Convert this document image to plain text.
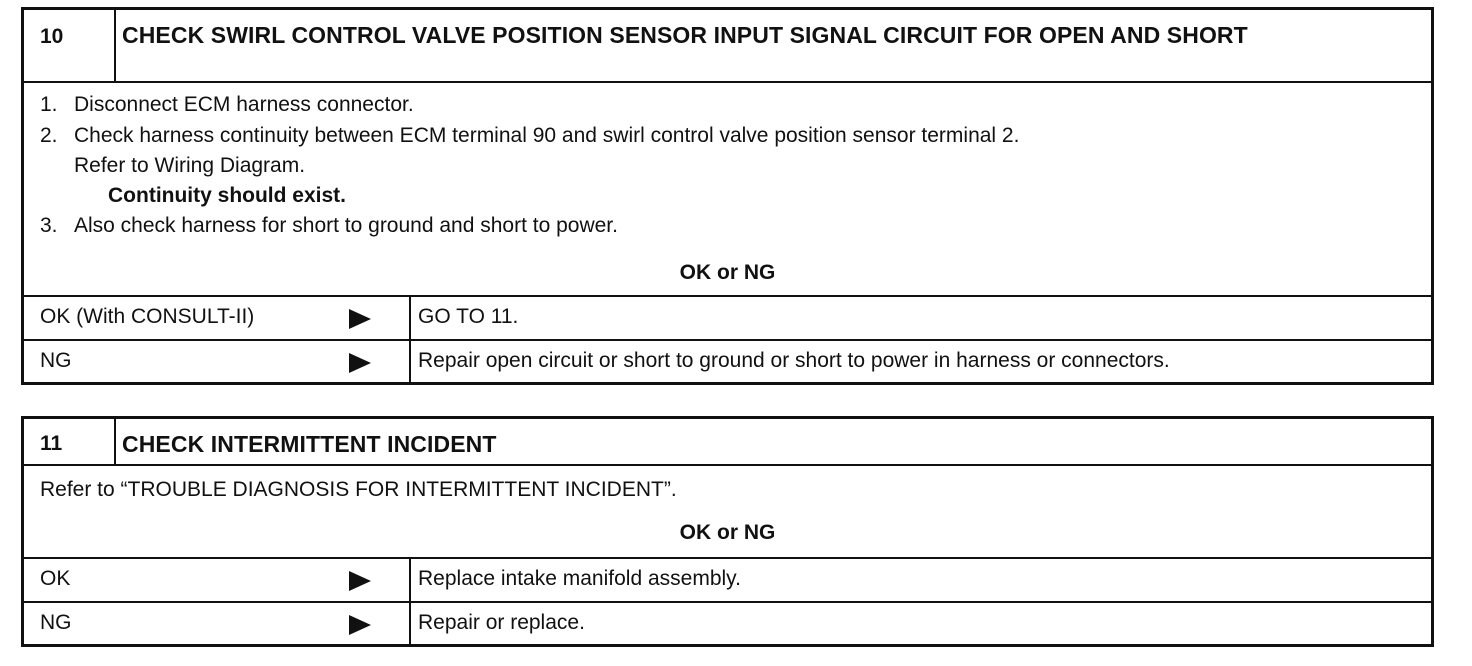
10	CHECK SWIRL CONTROL VALVE POSITION SENSOR INPUT SIGNAL CIRCUIT FOR OPEN AND SHORT
1. Disconnect ECM harness connector.
2. Check harness continuity between ECM terminal 90 and swirl control valve position sensor terminal 2.
Refer to Wiring Diagram.
Continuity should exist.
3. Also check harness for short to ground and short to power.
OK or NG
OK (With CONSULT-II)	GO TO 11.
NG	Repair open circuit or short to ground or short to power in harness or connectors.
11	CHECK INTERMITTENT INCIDENT
Refer to “TROUBLE DIAGNOSIS FOR INTERMITTENT INCIDENT”.
OK or NG
OK	Replace intake manifold assembly.
NG	Repair or replace.
